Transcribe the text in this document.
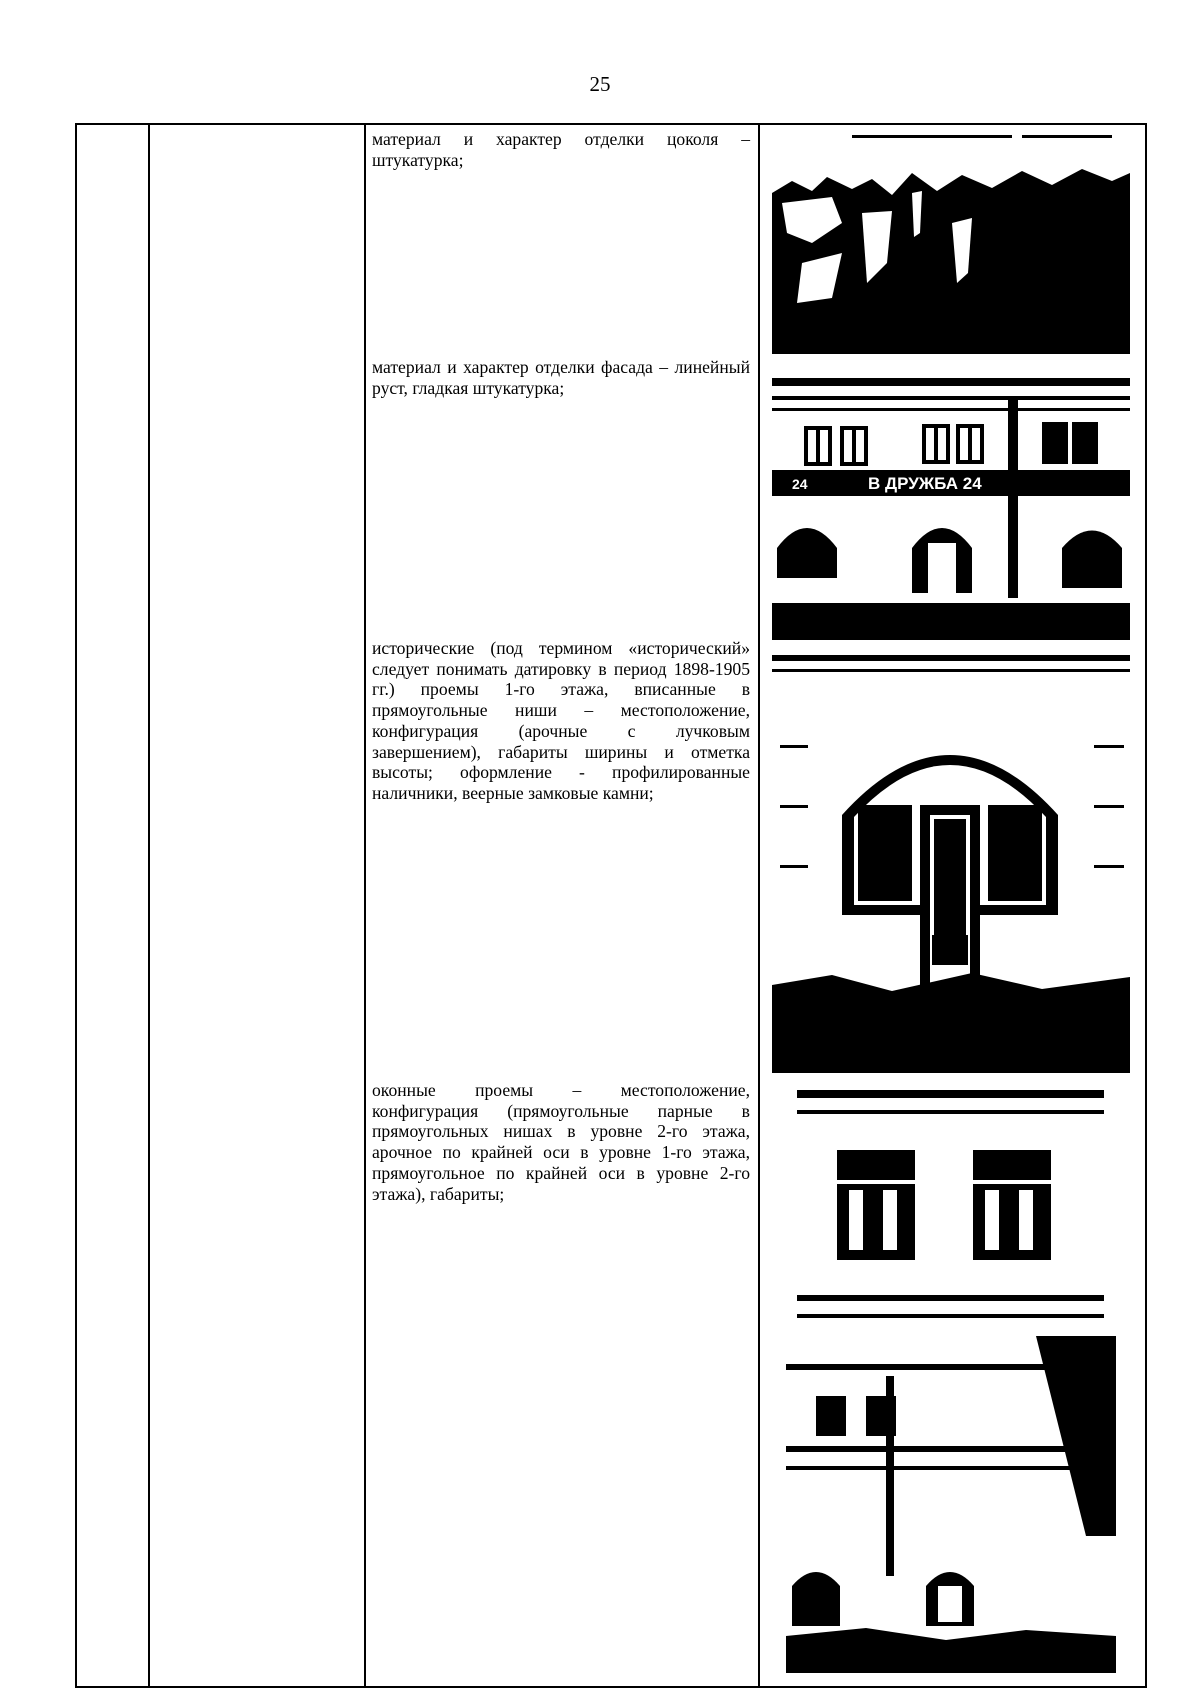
25
материал и характер отделки цоколя – штукатурка;
материал и характер отделки фасада – линейный руст, гладкая штукатурка;
исторические (под термином «исторический» следует понимать датировку в период 1898-1905 гг.) проемы 1-го этажа, вписанные в прямоугольные ниши – местоположение, конфигурация (арочные с лучковым завершением), габариты ширины и отметка высоты; оформление - профилированные наличники, веерные замковые камни;
оконные проемы – местоположение, конфигурация (прямоугольные парные в прямоугольных нишах в уровне 2-го этажа, арочное по крайней оси в уровне 1-го этажа, прямоугольное по крайней оси в уровне 2-го этажа), габариты;
В ДРУЖБА 24
24
